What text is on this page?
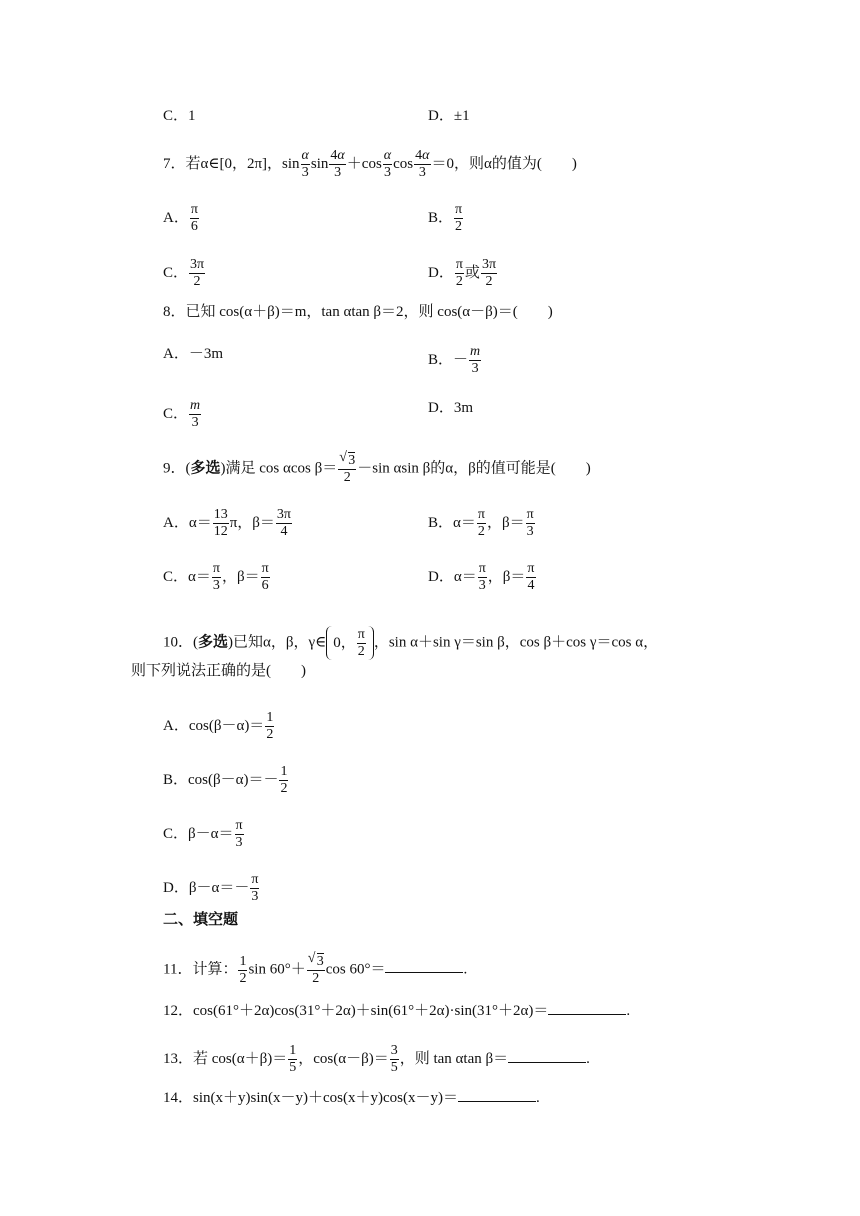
C．1	D．±1
7．若α∈[0，2π]，$\sin \frac{\alpha}{3}$ $\sin \frac{4\alpha}{3} +\cos \frac{\alpha}{3}$ $\cos \frac{4\alpha}{3} =0$，则α的值为(　　)
A． $\frac{\pi}{6}$	B． $\frac{\pi}{2}$
C． $\frac{3\pi}{2}$	D． $\frac{\pi}{2}$ 或 $\frac{3\pi}{2}$
8．已知 cos(α＋β)＝m，tan αtan β＝2，则 cos(α－β)＝(　　)
A．－3m	B．－ $\frac{m}{3}$
C． $\frac{m}{3}$	D．3m
9．(多选)满足 cos αcos β＝ √ $\frac{3}{2} -\sin$ αsin β的α，β的值可能是(　　)
A．$\alpha= \frac{13}{12}$ π，$\beta= \frac{3\pi}{4}$	B．$\alpha= \frac{\pi}{2}$ ，$\beta= \frac{\pi}{3}$
C．$\alpha= \frac{\pi}{3}$ ，$\beta= \frac{\pi}{6}$	D．$\alpha= \frac{\pi}{3}$ ，$\beta= \frac{\pi}{4}$
10．(多选)已知α，β，γ∈ 0， $\frac{\pi}{2}$ ，sin α＋sin γ＝sin β，cos β＋cos γ＝cos α，
则下列说法正确的是(　　)
A．$\cos(\beta-\alpha)= \frac{1}{2}$
B．$\cos(\beta-\alpha)=- \frac{1}{2}$
C．$\beta-\alpha= \frac{\pi}{3}$
D．$\beta-\alpha=- \frac{\pi}{3}$
二、填空题
11．计算： $\frac{1}{2}$ sin 60°＋ √ $\frac{3}{2}$ cos 60°＝	.
12．cos(61°＋2α)cos(31°＋2α)＋sin(61°＋2α)·sin(31°＋2α)＝	.
13．若 $\cos(\alpha+\beta)= \frac{1}{5}$ ，$\cos(\alpha-\beta)= \frac{3}{5}$ ，则 tan αtan β＝	.
14．sin(x＋y)sin(x－y)＋cos(x＋y)cos(x－y)＝	.
